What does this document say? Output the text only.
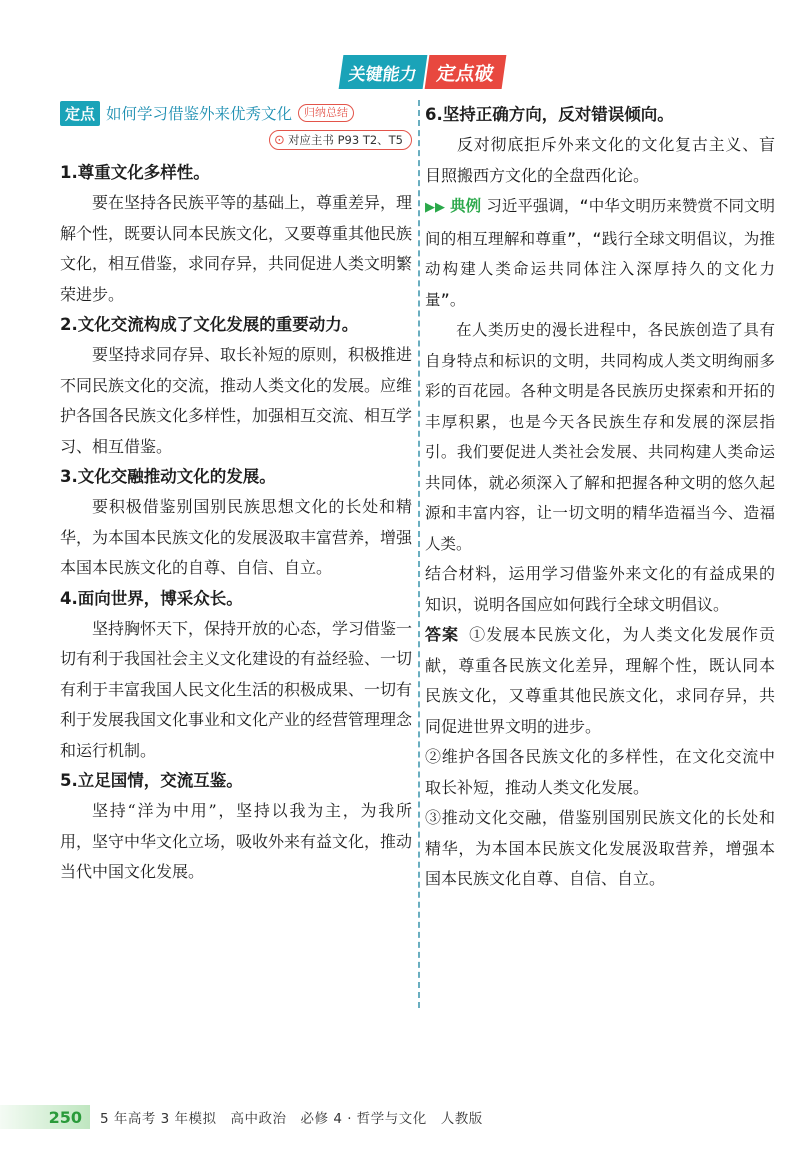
关键能力 定点破
定点 如何学习借鉴外来优秀文化	归纳总结
⊙ 对应主书 P93 T2、T5
1.尊重文化多样性。

要在坚持各民族平等的基础上，尊重差异，理解个性，既要认同本民族文化，又要尊重其他民族文化，相互借鉴，求同存异，共同促进人类文明繁荣进步。

2.文化交流构成了文化发展的重要动力。

要坚持求同存异、取长补短的原则，积极推进不同民族文化的交流，推动人类文化的发展。应维护各国各民族文化多样性，加强相互交流、相互学习、相互借鉴。

3.文化交融推动文化的发展。

要积极借鉴别国别民族思想文化的长处和精华，为本国本民族文化的发展汲取丰富营养，增强本国本民族文化的自尊、自信、自立。

4.面向世界，博采众长。

坚持胸怀天下，保持开放的心态，学习借鉴一切有利于我国社会主义文化建设的有益经验、一切有利于丰富我国人民文化生活的积极成果、一切有利于发展我国文化事业和文化产业的经营管理理念和运行机制。

5.立足国情，交流互鉴。

坚持“洋为中用”，坚持以我为主，为我所用，坚守中华文化立场，吸收外来有益文化，推动当代中国文化发展。

6.坚持正确方向，反对错误倾向。

反对彻底拒斥外来文化的文化复古主义、盲目照搬西方文化的全盘西化论。

▶▶ 典例 习近平强调，“中华文明历来赞赏不同文明间的相互理解和尊重”，“践行全球文明倡议，为推动构建人类命运共同体注入深厚持久的文化力量”。

在人类历史的漫长进程中，各民族创造了具有自身特点和标识的文明，共同构成人类文明绚丽多彩的百花园。各种文明是各民族历史探索和开拓的丰厚积累，也是今天各民族生存和发展的深层指引。我们要促进人类社会发展、共同构建人类命运共同体，就必须深入了解和把握各种文明的悠久起源和丰富内容，让一切文明的精华造福当今、造福人类。

结合材料，运用学习借鉴外来文化的有益成果的知识，说明各国应如何践行全球文明倡议。

答案 ①发展本民族文化，为人类文化发展作贡献，尊重各民族文化差异，理解个性，既认同本民族文化，又尊重其他民族文化，求同存异，共同促进世界文明的进步。

②维护各国各民族文化的多样性，在文化交流中取长补短，推动人类文化发展。

③推动文化交融，借鉴别国别民族文化的长处和精华，为本国本民族文化发展汲取营养，增强本国本民族文化自尊、自信、自立。

250 5 年高考 3 年模拟　高中政治　必修 4 · 哲学与文化　人教版
